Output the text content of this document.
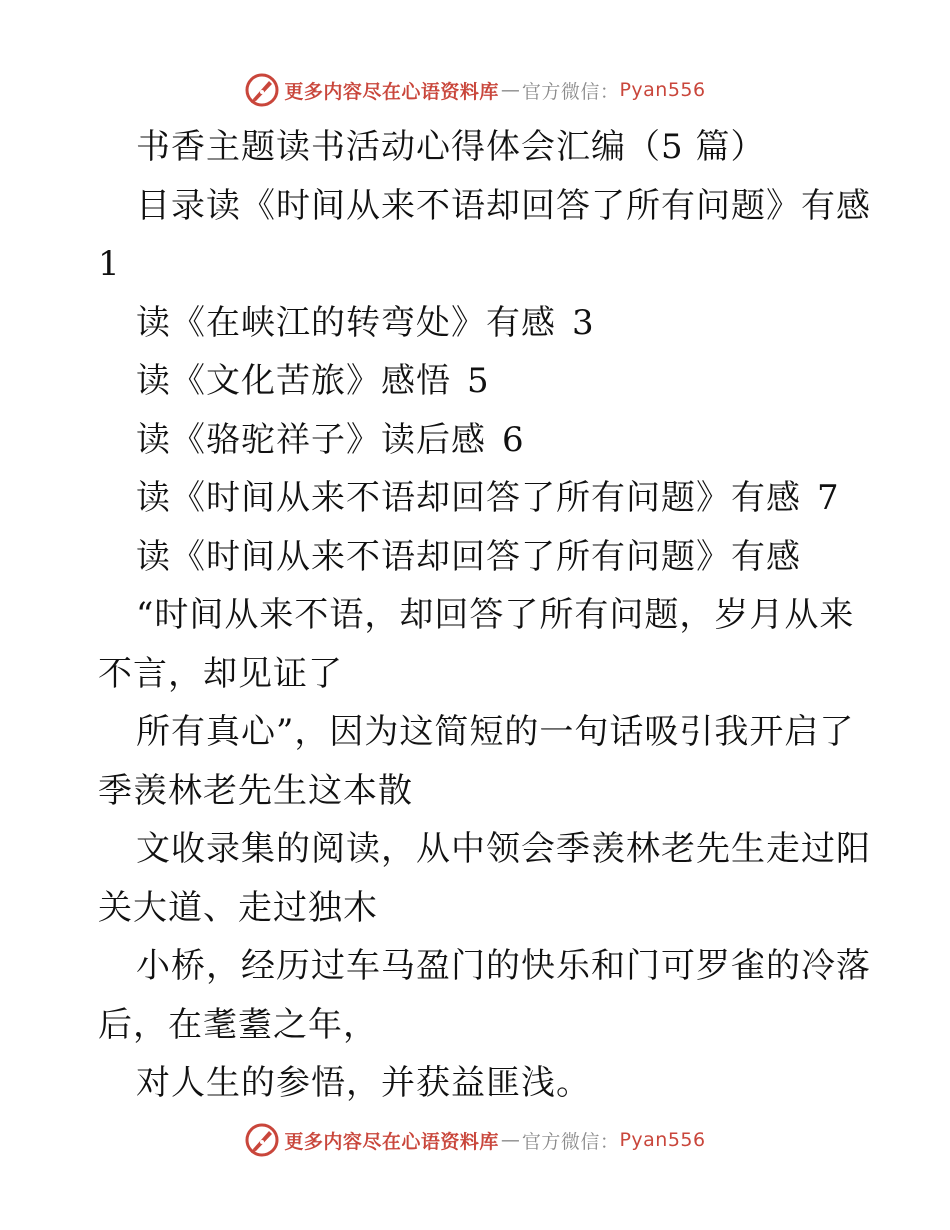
更多内容尽在心语资料库 — 官方微信： Pyan556
书香主题读书活动心得体会汇编（5 篇）
目录读《时间从来不语却回答了所有问题》有感
1
读《在峡江的转弯处》有感 3
读《文化苦旅》感悟 5
读《骆驼祥子》读后感 6
读《时间从来不语却回答了所有问题》有感 7
读《时间从来不语却回答了所有问题》有感
“时间从来不语，却回答了所有问题，岁月从来
不言，却见证了
所有真心”，因为这简短的一句话吸引我开启了
季羡林老先生这本散
文收录集的阅读，从中领会季羡林老先生走过阳
关大道、走过独木
小桥，经历过车马盈门的快乐和门可罗雀的冷落
后，在耄耋之年，
对人生的参悟，并获益匪浅。
更多内容尽在心语资料库 — 官方微信： Pyan556
